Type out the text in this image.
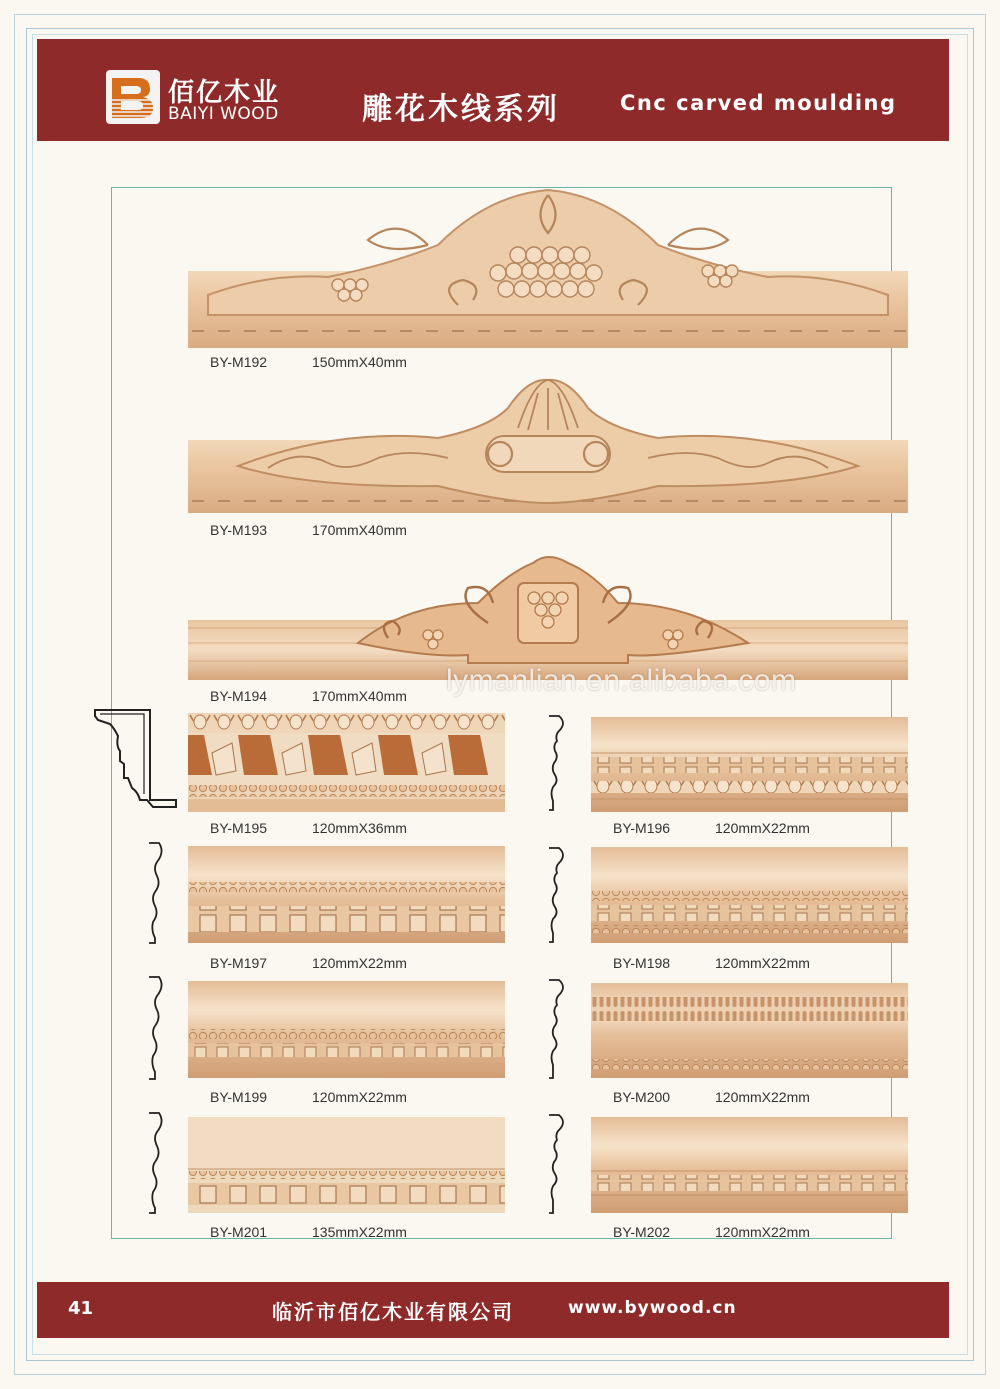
佰亿木业
BAIYI WOOD	雕花木线系列	Cnc carved moulding
BY-M192	150mmX40mm
BY-M193	170mmX40mm
BY-M194	170mmX40mm lymanlian.en.alibaba.com
BY-M195	120mmX36mm	BY-M196	120mmX22mm
BY-M197	120mmX22mm	BY-M198	120mmX22mm
BY-M199	120mmX22mm	BY-M200	120mmX22mm
BY-M201	135mmX22mm	BY-M202	120mmX22mm
41	临沂市佰亿木业有限公司	www.bywood.cn
